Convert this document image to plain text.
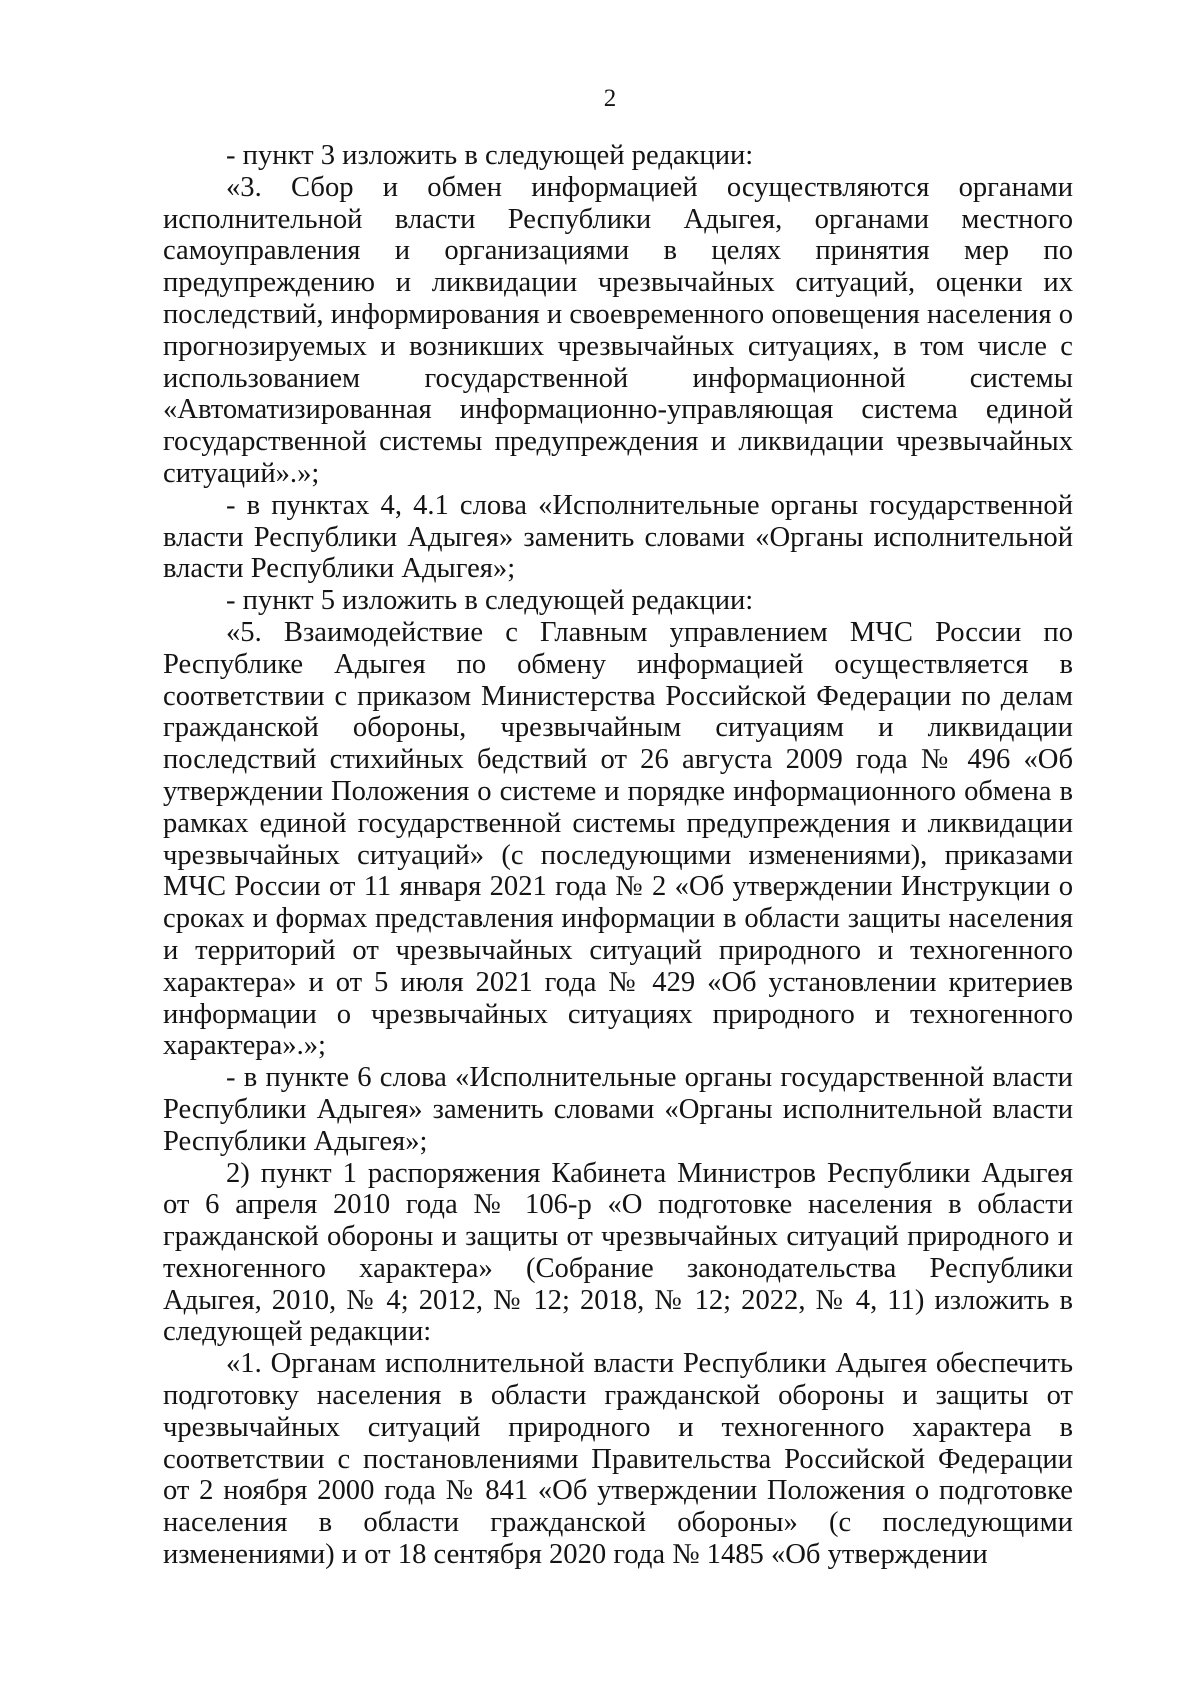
2

- пункт 3 изложить в следующей редакции:

«3. Сбор и обмен информацией осуществляются органами исполнительной власти Республики Адыгея, органами местного самоуправления и организациями в целях принятия мер по предупреждению и ликвидации чрезвычайных ситуаций, оценки их последствий, информирования и своевременного оповещения населения о прогнозируемых и возникших чрезвычайных ситуациях, в том числе с использованием государственной информационной системы «Автоматизированная информационно-управляющая система единой государственной системы предупреждения и ликвидации чрезвычайных ситуаций».»;

- в пунктах 4, 4.1 слова «Исполнительные органы государственной власти Республики Адыгея» заменить словами «Органы исполнительной власти Республики Адыгея»;

- пункт 5 изложить в следующей редакции:

«5. Взаимодействие с Главным управлением МЧС России по Республике Адыгея по обмену информацией осуществляется в соответствии с приказом Министерства Российской Федерации по делам гражданской обороны, чрезвычайным ситуациям и ликвидации последствий стихийных бедствий от 26 августа 2009 года № 496 «Об утверждении Положения о системе и порядке информационного обмена в рамках единой государственной системы предупреждения и ликвидации чрезвычайных ситуаций» (с последующими изменениями), приказами МЧС России от 11 января 2021 года № 2 «Об утверждении Инструкции о сроках и формах представления информации в области защиты населения и территорий от чрезвычайных ситуаций природного и техногенного характера» и от 5 июля 2021 года № 429 «Об установлении критериев информации о чрезвычайных ситуациях природного и техногенного характера».»;

- в пункте 6 слова «Исполнительные органы государственной власти Республики Адыгея» заменить словами «Органы исполнительной власти Республики Адыгея»;

2) пункт 1 распоряжения Кабинета Министров Республики Адыгея от 6 апреля 2010 года № 106-р «О подготовке населения в области гражданской обороны и защиты от чрезвычайных ситуаций природного и техногенного характера» (Собрание законодательства Республики Адыгея, 2010, № 4; 2012, № 12; 2018, № 12; 2022, № 4, 11) изложить в следующей редакции:

«1. Органам исполнительной власти Республики Адыгея обеспечить подготовку населения в области гражданской обороны и защиты от чрезвычайных ситуаций природного и техногенного характера в соответствии с постановлениями Правительства Российской Федерации от 2 ноября 2000 года № 841 «Об утверждении Положения о подготовке населения в области гражданской обороны» (с последующими изменениями) и от 18 сентября 2020 года № 1485 «Об утверждении
